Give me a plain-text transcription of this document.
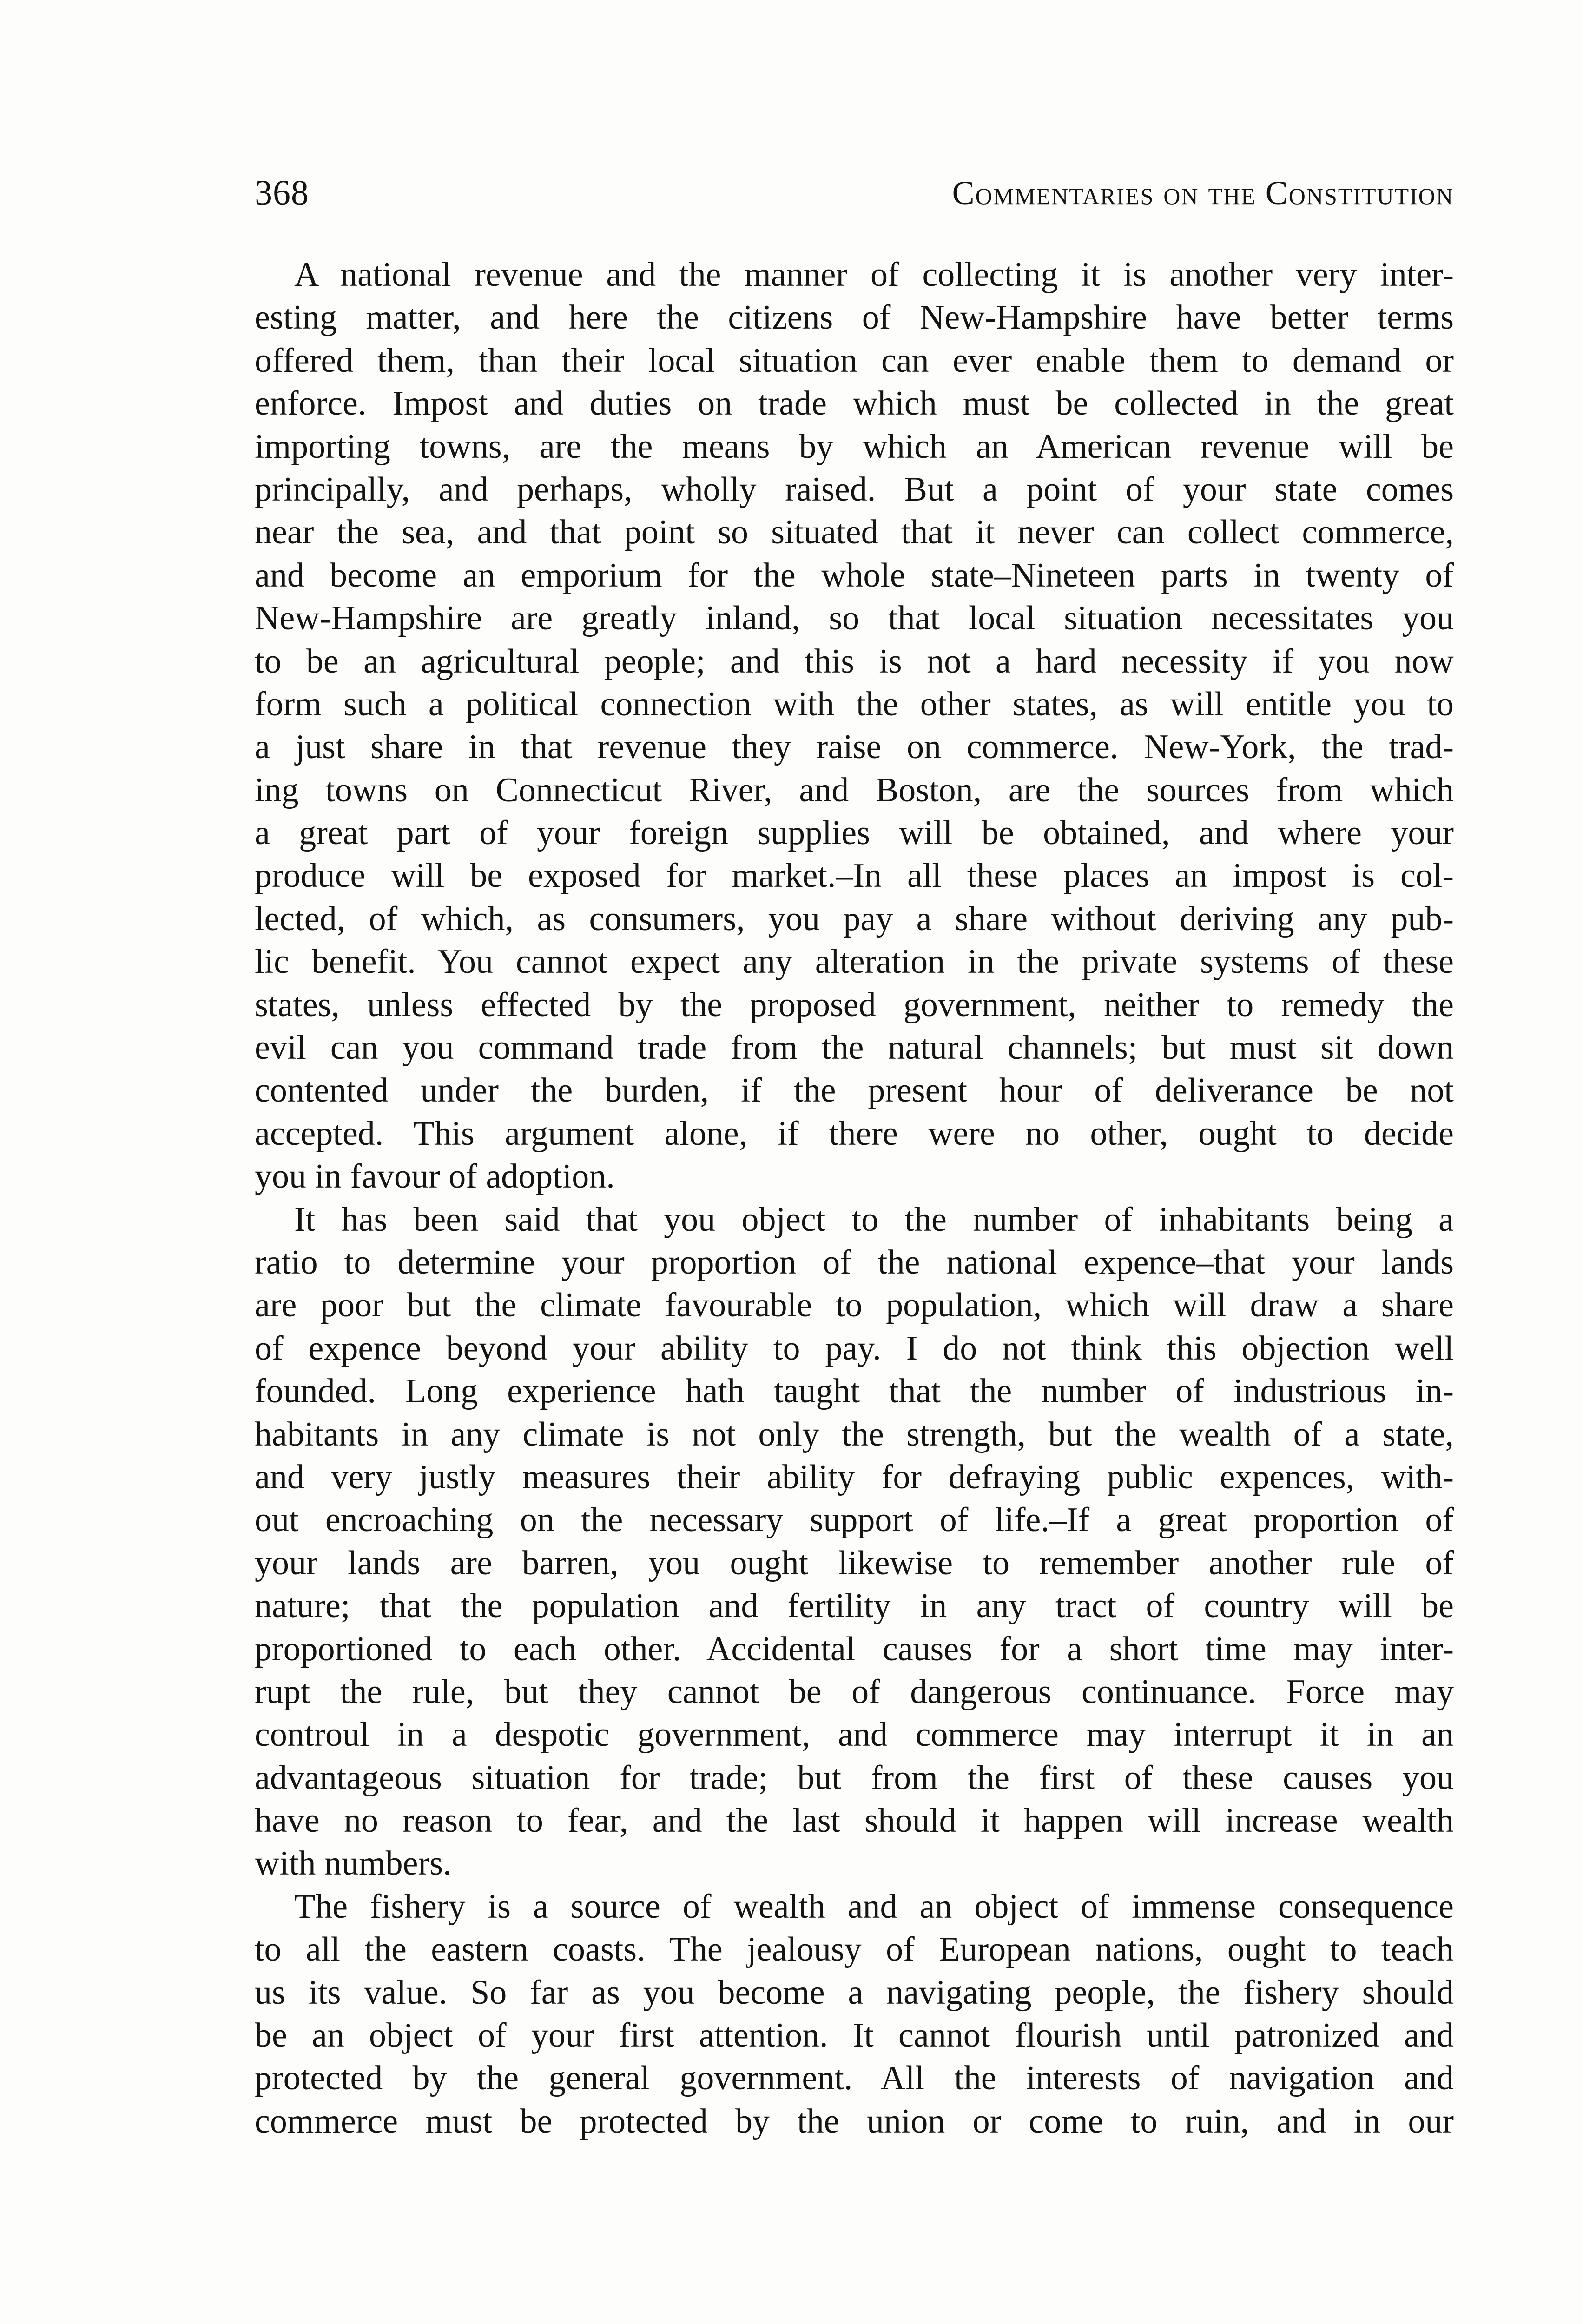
368	Commentaries on the Constitution
A national revenue and the manner of collecting it is another very inter-
esting matter, and here the citizens of New-Hampshire have better terms
offered them, than their local situation can ever enable them to demand or
enforce. Impost and duties on trade which must be collected in the great
importing towns, are the means by which an American revenue will be
principally, and perhaps, wholly raised. But a point of your state comes
near the sea, and that point so situated that it never can collect commerce,
and become an emporium for the whole state–Nineteen parts in twenty of
New-Hampshire are greatly inland, so that local situation necessitates you
to be an agricultural people; and this is not a hard necessity if you now
form such a political connection with the other states, as will entitle you to
a just share in that revenue they raise on commerce. New-York, the trad-
ing towns on Connecticut River, and Boston, are the sources from which
a great part of your foreign supplies will be obtained, and where your
produce will be exposed for market.–In all these places an impost is col-
lected, of which, as consumers, you pay a share without deriving any pub-
lic benefit. You cannot expect any alteration in the private systems of these
states, unless effected by the proposed government, neither to remedy the
evil can you command trade from the natural channels; but must sit down
contented under the burden, if the present hour of deliverance be not
accepted. This argument alone, if there were no other, ought to decide
you in favour of adoption.
It has been said that you object to the number of inhabitants being a
ratio to determine your proportion of the national expence–that your lands
are poor but the climate favourable to population, which will draw a share
of expence beyond your ability to pay. I do not think this objection well
founded. Long experience hath taught that the number of industrious in-
habitants in any climate is not only the strength, but the wealth of a state,
and very justly measures their ability for defraying public expences, with-
out encroaching on the necessary support of life.–If a great proportion of
your lands are barren, you ought likewise to remember another rule of
nature; that the population and fertility in any tract of country will be
proportioned to each other. Accidental causes for a short time may inter-
rupt the rule, but they cannot be of dangerous continuance. Force may
controul in a despotic government, and commerce may interrupt it in an
advantageous situation for trade; but from the first of these causes you
have no reason to fear, and the last should it happen will increase wealth
with numbers.
The fishery is a source of wealth and an object of immense consequence
to all the eastern coasts. The jealousy of European nations, ought to teach
us its value. So far as you become a navigating people, the fishery should
be an object of your first attention. It cannot flourish until patronized and
protected by the general government. All the interests of navigation and
commerce must be protected by the union or come to ruin, and in our
